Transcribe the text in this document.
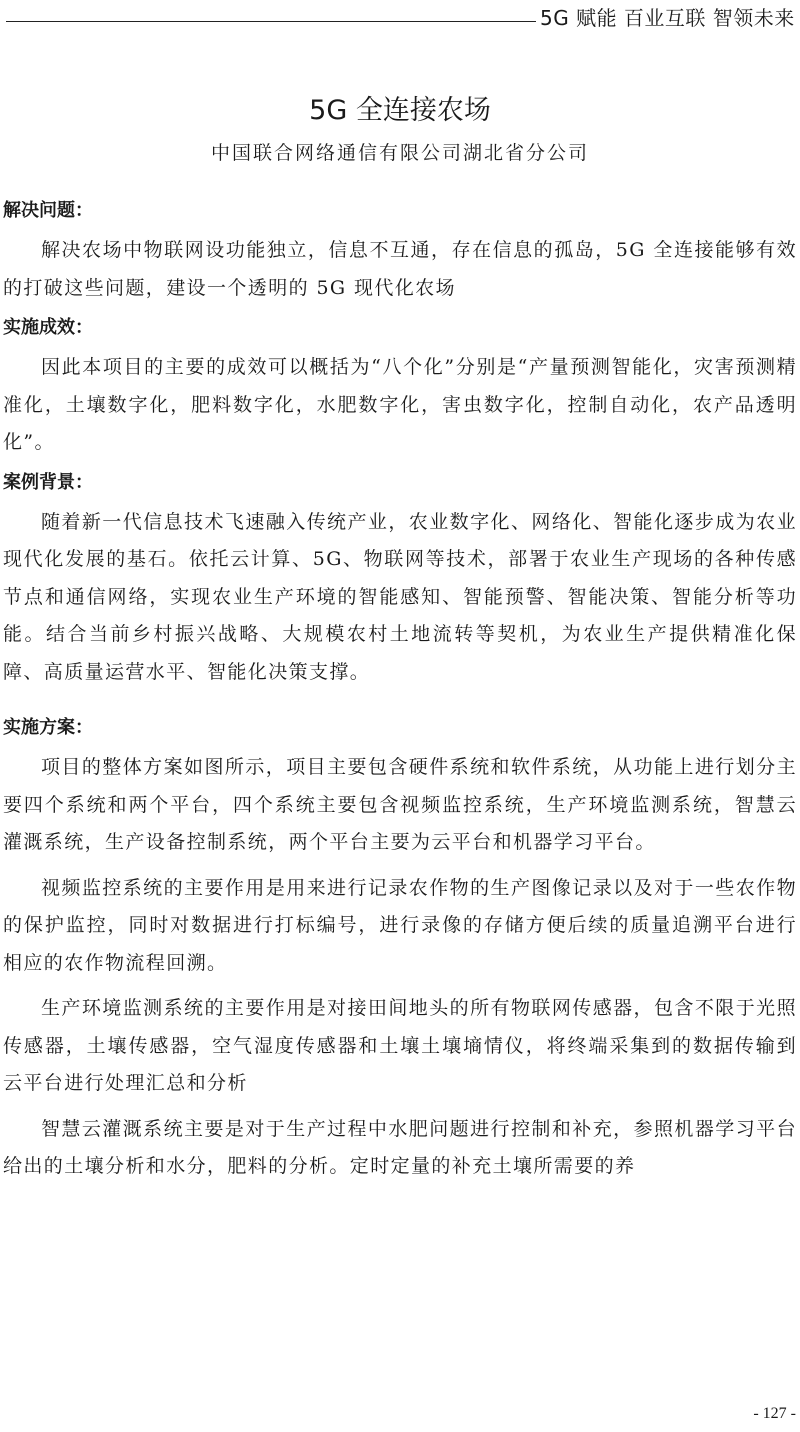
5G 赋能 百业互联 智领未来
5G 全连接农场
中国联合网络通信有限公司湖北省分公司
解决问题：

解决农场中物联网设功能独立，信息不互通，存在信息的孤岛，5G 全连接能够有效的打破这些问题，建设一个透明的 5G 现代化农场

实施成效：

因此本项目的主要的成效可以概括为“八个化”分别是“产量预测智能化，灾害预测精准化，土壤数字化，肥料数字化，水肥数字化，害虫数字化，控制自动化，农产品透明化”。

案例背景：

随着新一代信息技术飞速融入传统产业，农业数字化、网络化、智能化逐步成为农业现代化发展的基石。依托云计算、5G、物联网等技术，部署于农业生产现场的各种传感节点和通信网络，实现农业生产环境的智能感知、智能预警、智能决策、智能分析等功能。结合当前乡村振兴战略、大规模农村土地流转等契机，为农业生产提供精准化保障、高质量运营水平、智能化决策支撑。

实施方案：

项目的整体方案如图所示，项目主要包含硬件系统和软件系统，从功能上进行划分主要四个系统和两个平台，四个系统主要包含视频监控系统，生产环境监测系统，智慧云灌溉系统，生产设备控制系统，两个平台主要为云平台和机器学习平台。

视频监控系统的主要作用是用来进行记录农作物的生产图像记录以及对于一些农作物的保护监控，同时对数据进行打标编号，进行录像的存储方便后续的质量追溯平台进行相应的农作物流程回溯。

生产环境监测系统的主要作用是对接田间地头的所有物联网传感器，包含不限于光照传感器，土壤传感器，空气湿度传感器和土壤土壤墒情仪，将终端采集到的数据传输到云平台进行处理汇总和分析

智慧云灌溉系统主要是对于生产过程中水肥问题进行控制和补充，参照机器学习平台给出的土壤分析和水分，肥料的分析。定时定量的补充土壤所需要的养

- 127 -
